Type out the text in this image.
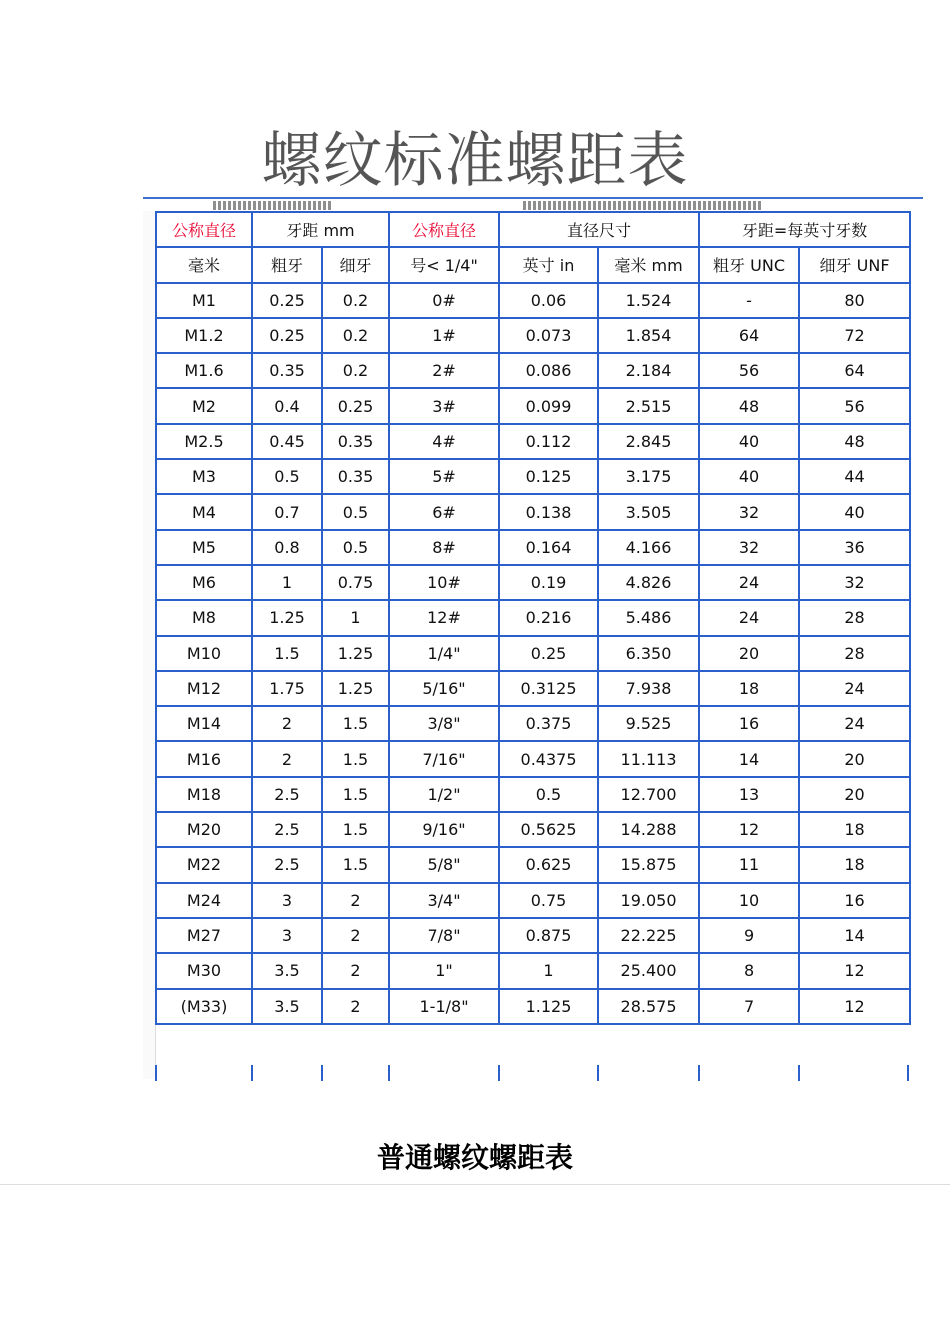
螺纹标准螺距表
公称直径	牙距 mm		公称直径	直径尺寸		牙距=每英寸牙数	
毫米	粗牙	细牙	号< 1/4"	英寸 in	毫米 mm	粗牙 UNC	细牙 UNF
M1	0.25	0.2	0#	0.06	1.524	-	80
M1.2	0.25	0.2	1#	0.073	1.854	64	72
M1.6	0.35	0.2	2#	0.086	2.184	56	64
M2	0.4	0.25	3#	0.099	2.515	48	56
M2.5	0.45	0.35	4#	0.112	2.845	40	48
M3	0.5	0.35	5#	0.125	3.175	40	44
M4	0.7	0.5	6#	0.138	3.505	32	40
M5	0.8	0.5	8#	0.164	4.166	32	36
M6	1	0.75	10#	0.19	4.826	24	32
M8	1.25	1	12#	0.216	5.486	24	28
M10	1.5	1.25	1/4"	0.25	6.350	20	28
M12	1.75	1.25	5/16"	0.3125	7.938	18	24
M14	2	1.5	3/8"	0.375	9.525	16	24
M16	2	1.5	7/16"	0.4375	11.113	14	20
M18	2.5	1.5	1/2"	0.5	12.700	13	20
M20	2.5	1.5	9/16"	0.5625	14.288	12	18
M22	2.5	1.5	5/8"	0.625	15.875	11	18
M24	3	2	3/4"	0.75	19.050	10	16
M27	3	2	7/8"	0.875	22.225	9	14
M30	3.5	2	1"	1	25.400	8	12
(M33)	3.5	2	1-1/8"	1.125	28.575	7	12
普通螺纹螺距表
